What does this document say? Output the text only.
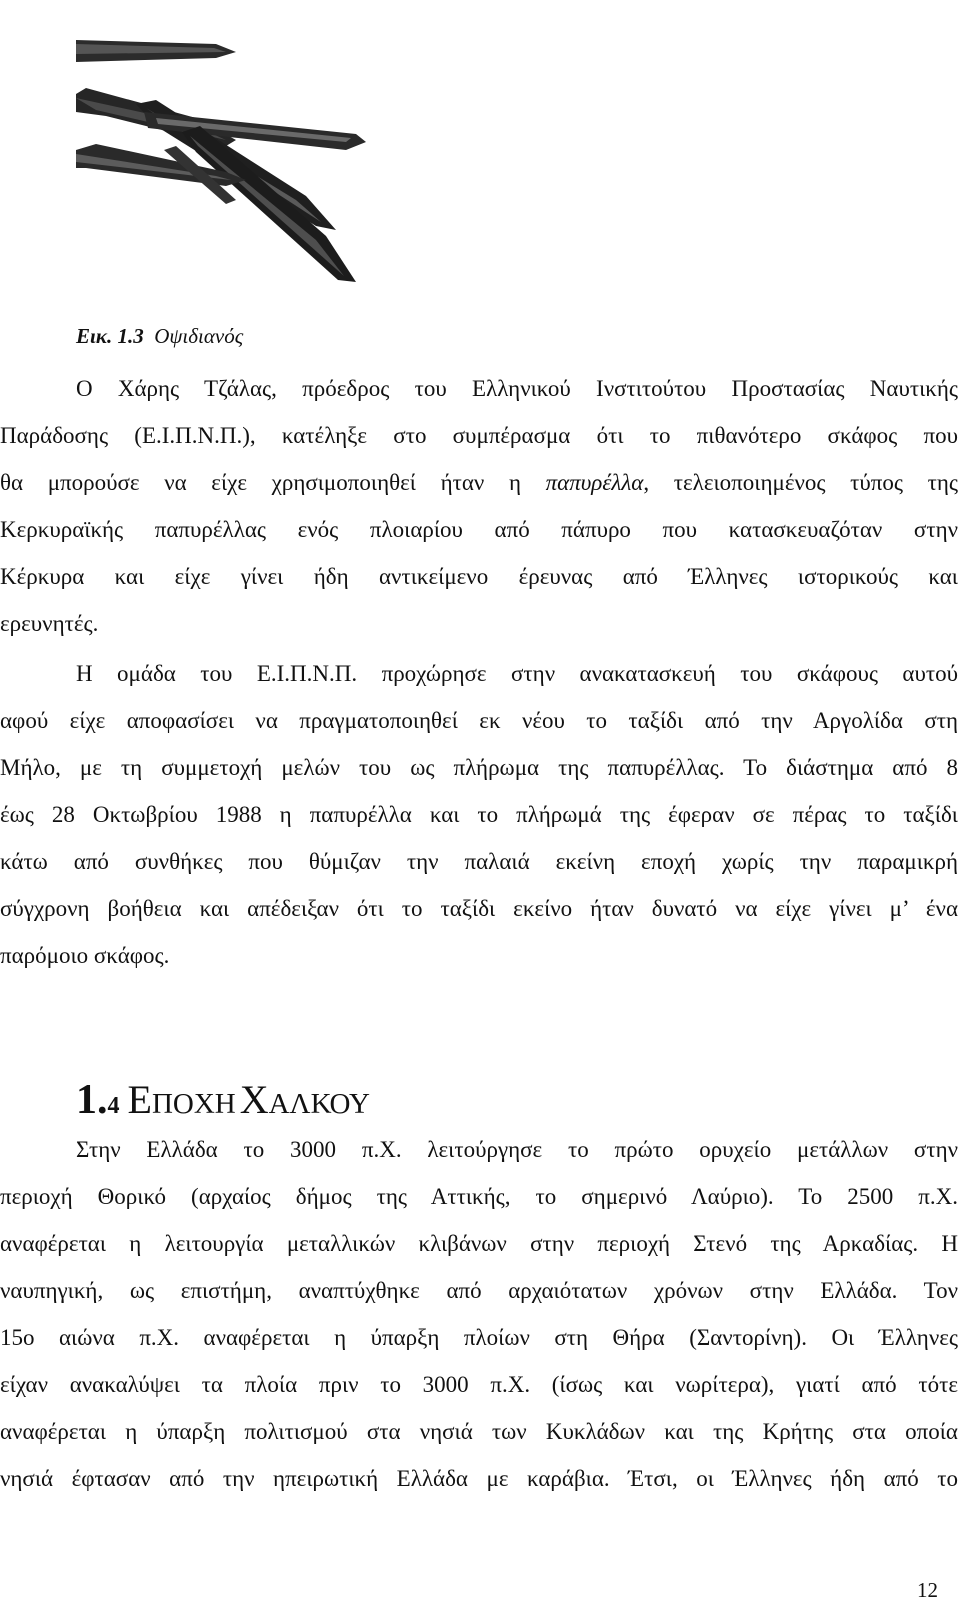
Εικ. 1.3 Οψιδιανός
Ο Χάρης Τζάλας, πρόεδρος του Ελληνικού Ινστιτούτου Προστασίας Ναυτικής
Παράδοσης (Ε.Ι.Π.Ν.Π.), κατέληξε στο συμπέρασμα ότι το πιθανότερο σκάφος που
θα μπορούσε να είχε χρησιμοποιηθεί ήταν η παπυρέλλα, τελειοποιημένος τύπος της
Κερκυραϊκής παπυρέλλας ενός πλοιαρίου από πάπυρο που κατασκευαζόταν στην
Κέρκυρα και είχε γίνει ήδη αντικείμενο έρευνας από Έλληνες ιστορικούς και
ερευνητές.
Η ομάδα του Ε.Ι.Π.Ν.Π. προχώρησε στην ανακατασκευή του σκάφους αυτού
αφού είχε αποφασίσει να πραγματοποιηθεί εκ νέου το ταξίδι από την Αργολίδα στη
Μήλο, με τη συμμετοχή μελών του ως πλήρωμα της παπυρέλλας. Το διάστημα από 8
έως 28 Οκτωβρίου 1988 η παπυρέλλα και το πλήρωμά της έφεραν σε πέρας το ταξίδι
κάτω από συνθήκες που θύμιζαν την παλαιά εκείνη εποχή χωρίς την παραμικρή
σύγχρονη βοήθεια και απέδειξαν ότι το ταξίδι εκείνο ήταν δυνατό να είχε γίνει μ’ ένα
παρόμοιο σκάφος.
1.4 ΕΠΟΧΗ ΧΑΛΚΟΥ
Στην Ελλάδα το 3000 π.Χ. λειτούργησε το πρώτο ορυχείο μετάλλων στην
περιοχή Θορικό (αρχαίος δήμος της Αττικής, το σημερινό Λαύριο). Το 2500 π.Χ.
αναφέρεται η λειτουργία μεταλλικών κλιβάνων στην περιοχή Στενό της Αρκαδίας. Η
ναυπηγική, ως επιστήμη, αναπτύχθηκε από αρχαιότατων χρόνων στην Ελλάδα. Τον
15ο αιώνα π.Χ. αναφέρεται η ύπαρξη πλοίων στη Θήρα (Σαντορίνη). Οι Έλληνες
είχαν ανακαλύψει τα πλοία πριν το 3000 π.Χ. (ίσως και νωρίτερα), γιατί από τότε
αναφέρεται η ύπαρξη πολιτισμού στα νησιά των Κυκλάδων και της Κρήτης στα οποία
νησιά έφτασαν από την ηπειρωτική Ελλάδα με καράβια. Έτσι, οι Έλληνες ήδη από το
12
